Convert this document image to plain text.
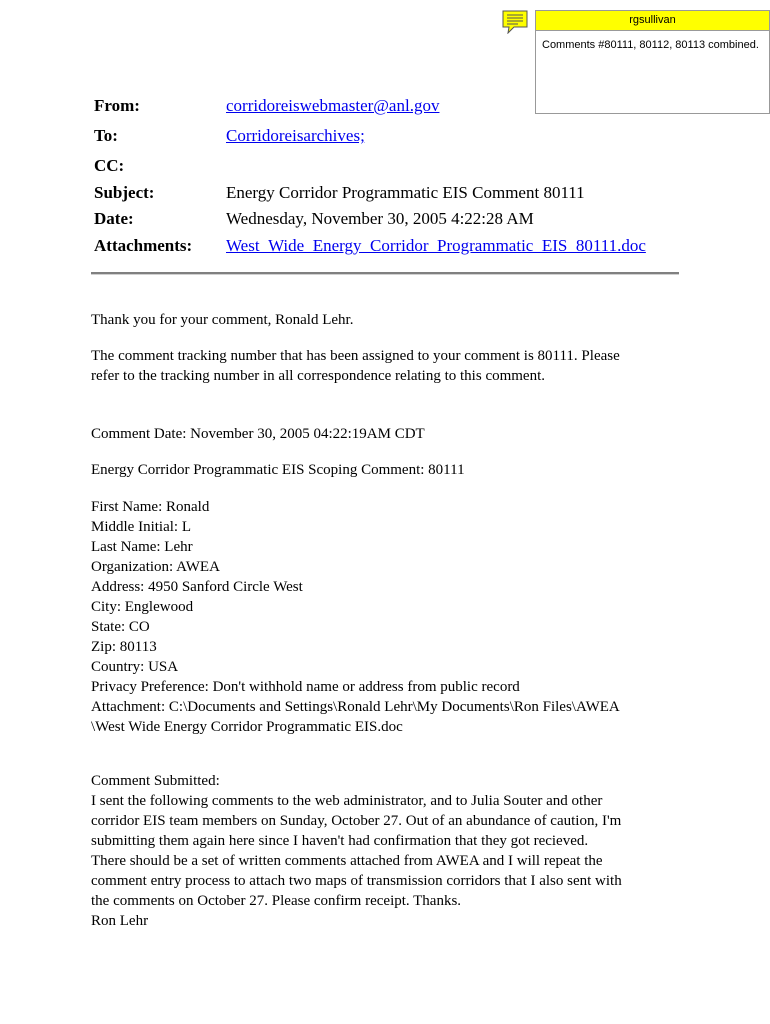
rgsullivan
Comments #80111, 80112, 80113 combined.
From:	corridoreiswebmaster@anl.gov
To:	Corridoreisarchives;
CC:
Subject:	Energy Corridor Programmatic EIS Comment 80111
Date:	Wednesday, November 30, 2005 4:22:28 AM
Attachments: West_Wide_Energy_Corridor_Programmatic_EIS_80111.doc
Thank you for your comment, Ronald Lehr.
The comment tracking number that has been assigned to your comment is 80111. Please
refer to the tracking number in all correspondence relating to this comment.
Comment Date: November 30, 2005 04:22:19AM CDT
Energy Corridor Programmatic EIS Scoping Comment: 80111
First Name: Ronald
Middle Initial: L
Last Name: Lehr
Organization: AWEA
Address: 4950 Sanford Circle West
City: Englewood
State: CO
Zip: 80113
Country: USA
Privacy Preference: Don't withhold name or address from public record
Attachment: C:\Documents and Settings\Ronald Lehr\My Documents\Ron Files\AWEA
\West Wide Energy Corridor Programmatic EIS.doc
Comment Submitted:
I sent the following comments to the web administrator, and to Julia Souter and other
corridor EIS team members on Sunday, October 27. Out of an abundance of caution, I'm
submitting them again here since I haven't had confirmation that they got recieved.
There should be a set of written comments attached from AWEA and I will repeat the
comment entry process to attach two maps of transmission corridors that I also sent with
the comments on October 27. Please confirm receipt. Thanks.
Ron Lehr
